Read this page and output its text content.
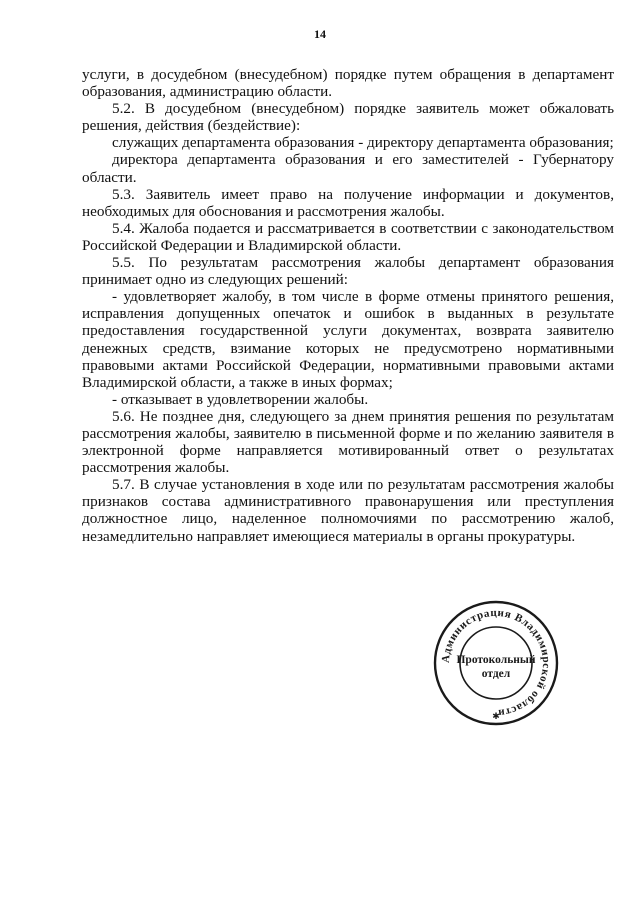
14

услуги, в досудебном (внесудебном) порядке путем обращения в департамент образования, администрацию области.

5.2. В досудебном (внесудебном) порядке заявитель может обжаловать решения, действия (бездействие):

служащих департамента образования - директору департамента образования;

директора департамента образования и его заместителей - Губернатору области.

5.3. Заявитель имеет право на получение информации и документов, необходимых для обоснования и рассмотрения жалобы.

5.4. Жалоба подается и рассматривается в соответствии с законодательством Российской Федерации и Владимирской области.

5.5. По результатам рассмотрения жалобы департамент образования принимает одно из следующих решений:

- удовлетворяет жалобу, в том числе в форме отмены принятого решения, исправления допущенных опечаток и ошибок в выданных в результате предоставления государственной услуги документах, возврата заявителю денежных средств, взимание которых не предусмотрено нормативными правовыми актами Российской Федерации, нормативными правовыми актами Владимирской области, а также в иных формах;

- отказывает в удовлетворении жалобы.

5.6. Не позднее дня, следующего за днем принятия решения по результатам рассмотрения жалобы, заявителю в письменной форме и по желанию заявителя в электронной форме направляется мотивированный ответ о результатах рассмотрения жалобы.

5.7. В случае установления в ходе или по результатам рассмотрения жалобы признаков состава административного правонарушения или преступления должностное лицо, наделенное полномочиями по рассмотрению жалоб, незамедлительно направляет имеющиеся материалы в органы прокуратуры.

Администрация Владимирской области
✱
Протокольный
отдел
